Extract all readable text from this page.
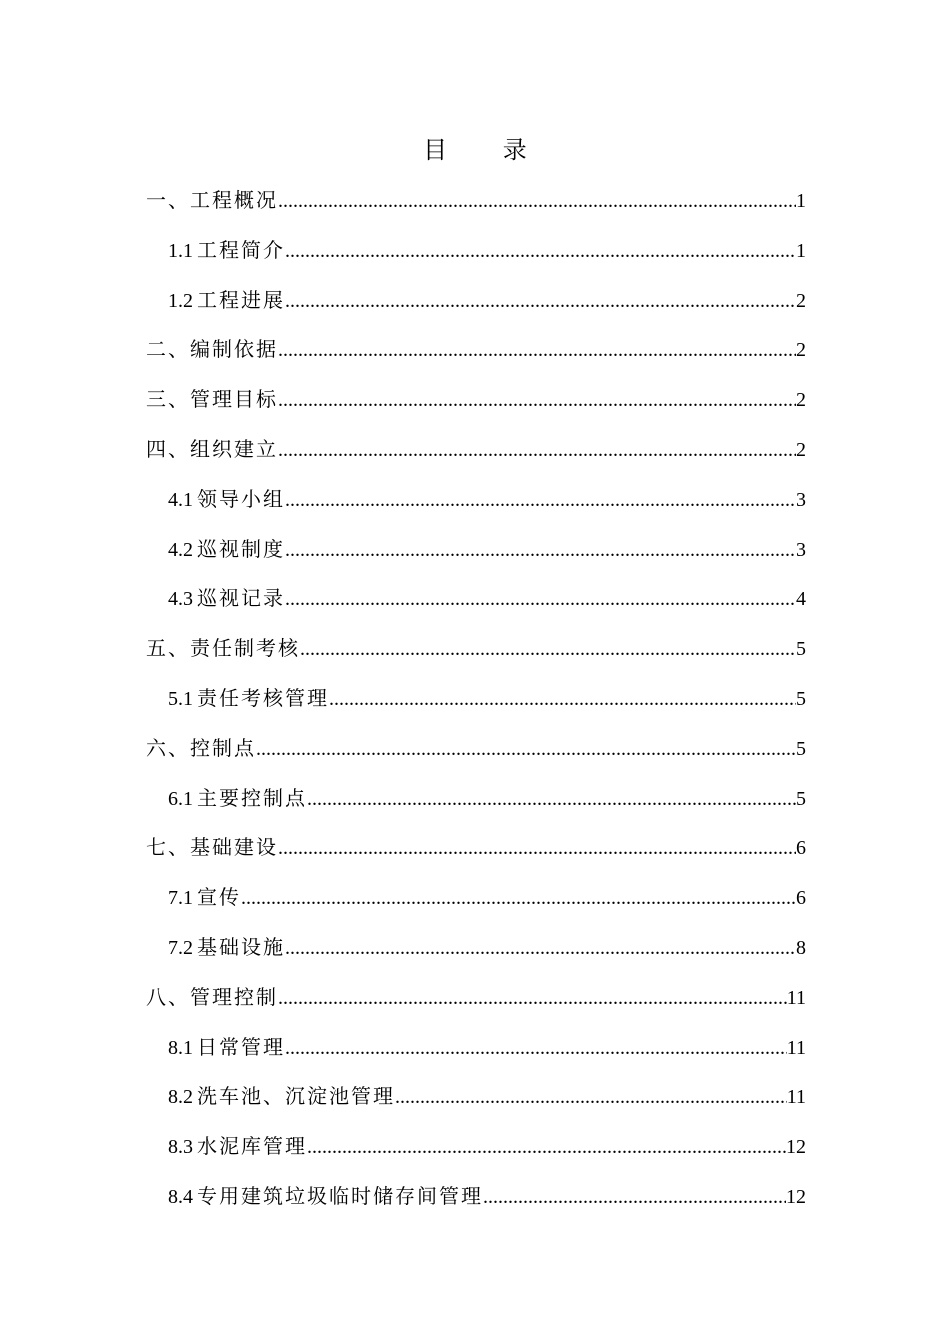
目 录
一、工程概况 .....	1
1.1 工程简介 .....	1
1.2 工程进展 .....	2
二、编制依据 .....	2
三、管理目标 .....	2
四、组织建立 .....	2
4.1 领导小组 .....	3
4.2 巡视制度 .....	3
4.3 巡视记录 .....	4
五、责任制考核 .....	5
5.1 责任考核管理 .....	5
六、控制点 .....	5
6.1 主要控制点 .....	5
七、基础建设 .....	6
7.1 宣传 .....	6
7.2 基础设施 .....	8
八、管理控制 .....	11
8.1 日常管理 .....	11
8.2 洗车池、沉淀池管理 .....	11
8.3 水泥库管理 .....	12
8.4 专用建筑垃圾临时储存间管理 .....	12
